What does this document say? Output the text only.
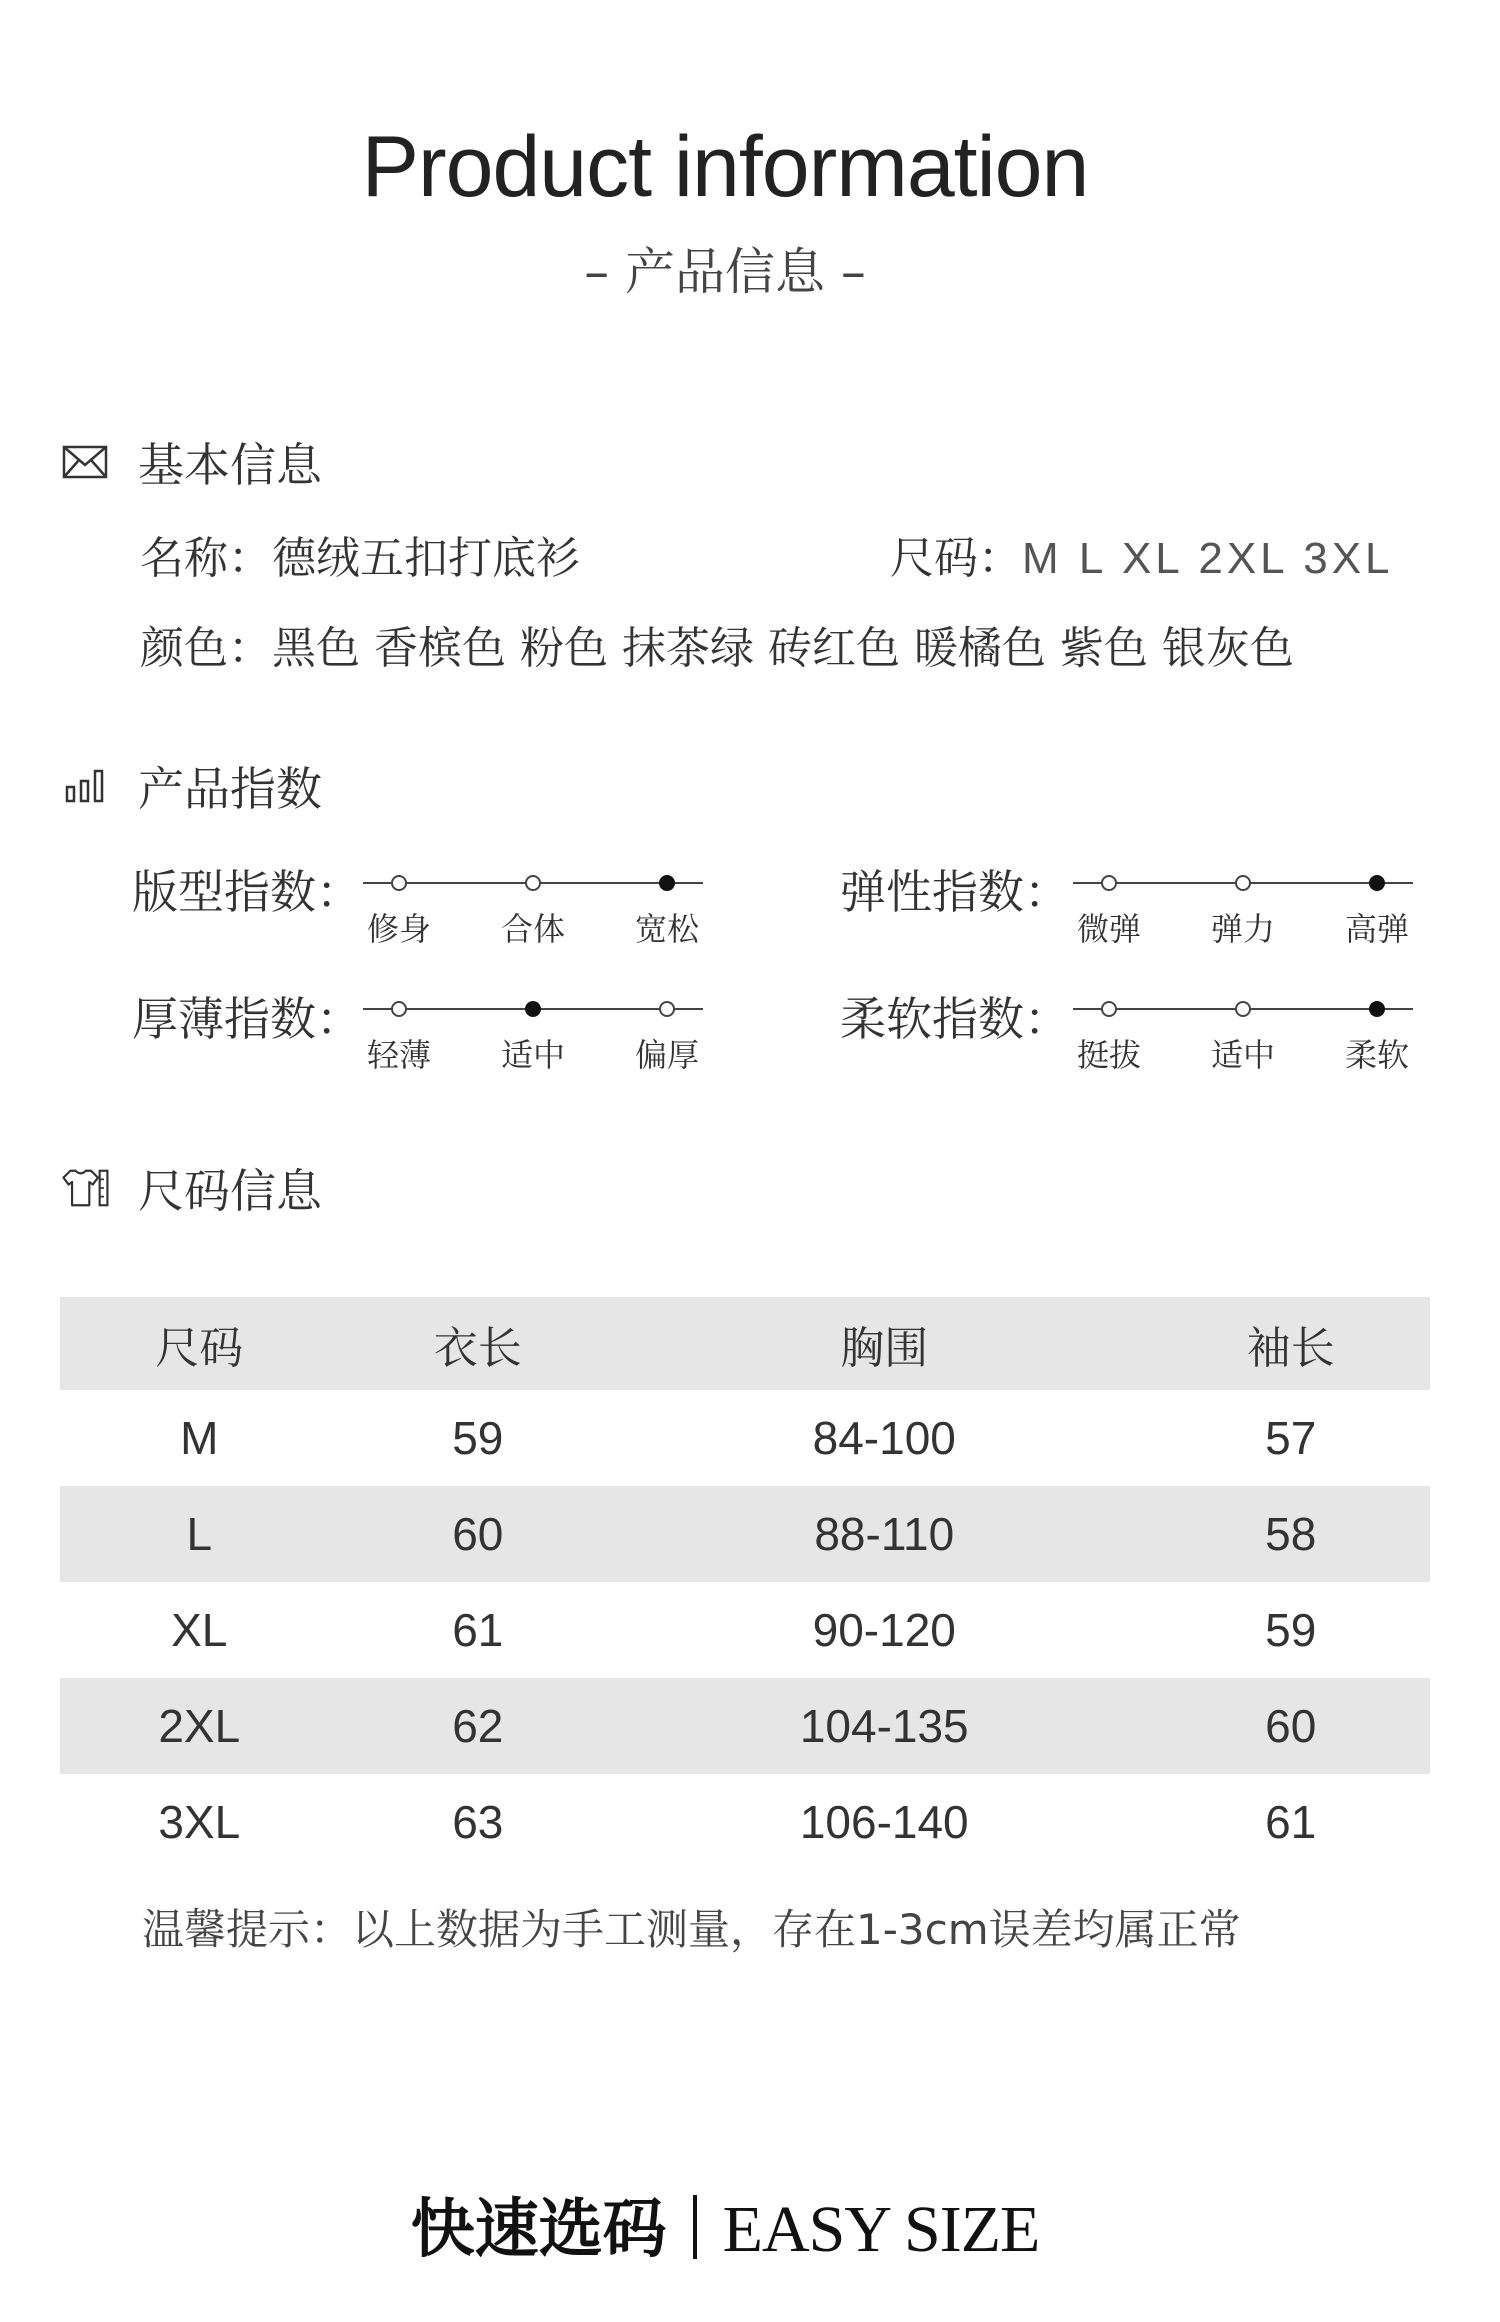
Product information
– 产品信息 –
基本信息
名称：德绒五扣打底衫	尺码：M L XL 2XL 3XL
颜色：黑色 香槟色 粉色 抹茶绿 砖红色 暖橘色 紫色 银灰色
产品指数
版型指数：
修身 合体 宽松
弹性指数：
微弹 弹力 高弹
厚薄指数：
轻薄 适中 偏厚
柔软指数：
挺拔 适中 柔软
尺码信息
尺码	衣长	胸围	袖长
M	59	84-100	57
L	60	88-110	58
XL	61	90-120	59
2XL	62	104-135	60
3XL	63	106-140	61
温馨提示：以上数据为手工测量，存在1-3cm误差均属正常
快速选码 EASY SIZE
